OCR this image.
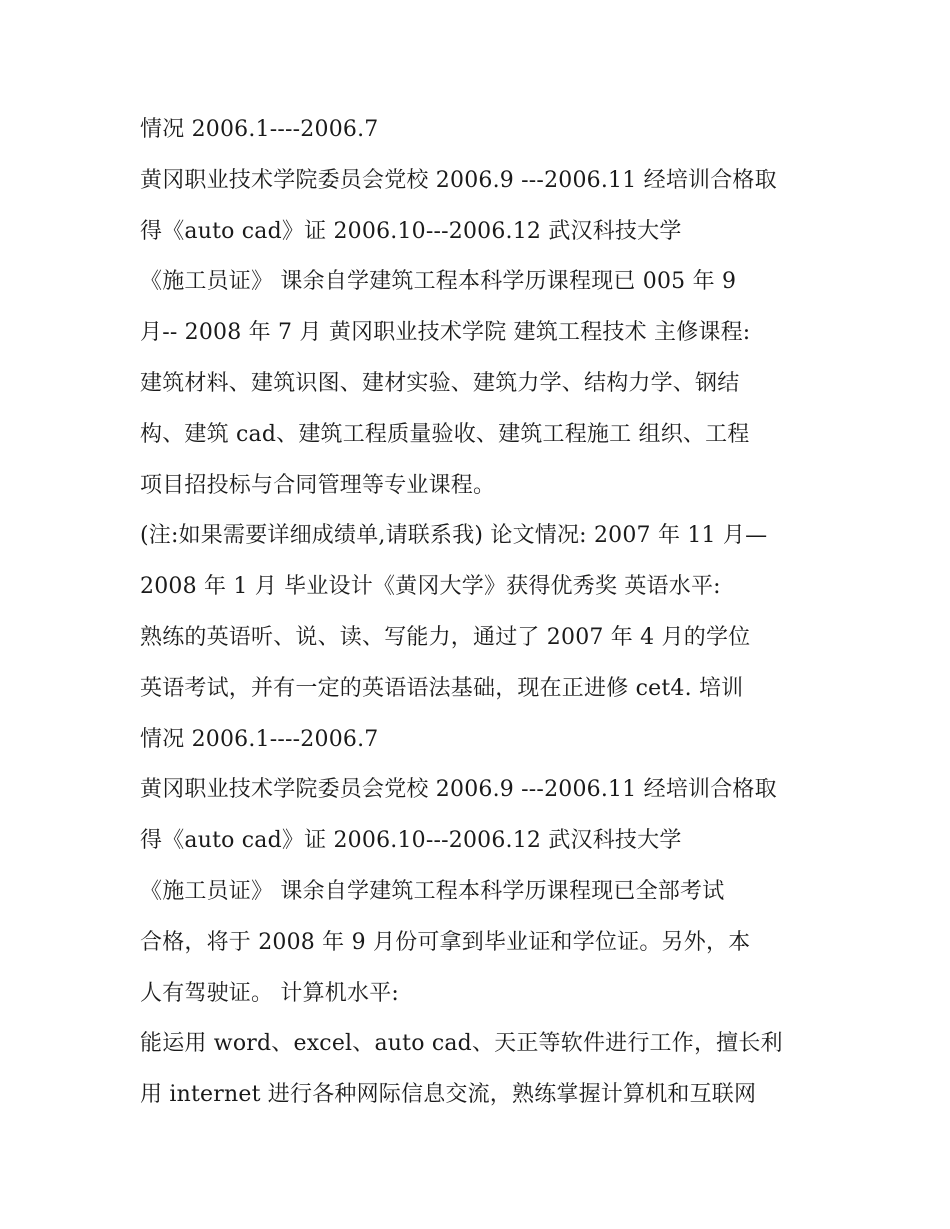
情况 2006.1----2006.7
黄冈职业技术学院委员会党校 2006.9 ---2006.11 经培训合格取
得《auto cad》证 2006.10---2006.12 武汉科技大学
《施工员证》 课余自学建筑工程本科学历课程现已 005 年 9
月-- 2008 年 7 月 黄冈职业技术学院 建筑工程技术 主修课程:
建筑材料、建筑识图、建材实验、建筑力学、结构力学、钢结
构、建筑 cad、建筑工程质量验收、建筑工程施工 组织、工程
项目招投标与合同管理等专业课程。
(注:如果需要详细成绩单,请联系我) 论文情况: 2007 年 11 月—
2008 年 1 月 毕业设计《黄冈大学》获得优秀奖 英语水平:
熟练的英语听、说、读、写能力，通过了 2007 年 4 月的学位
英语考试，并有一定的英语语法基础，现在正进修 cet4. 培训
情况 2006.1----2006.7
黄冈职业技术学院委员会党校 2006.9 ---2006.11 经培训合格取
得《auto cad》证 2006.10---2006.12 武汉科技大学
《施工员证》 课余自学建筑工程本科学历课程现已全部考试
合格，将于 2008 年 9 月份可拿到毕业证和学位证。另外，本
人有驾驶证。 计算机水平:
能运用 word、excel、auto cad、天正等软件进行工作，擅长利
用 internet 进行各种网际信息交流，熟练掌握计算机和互联网
